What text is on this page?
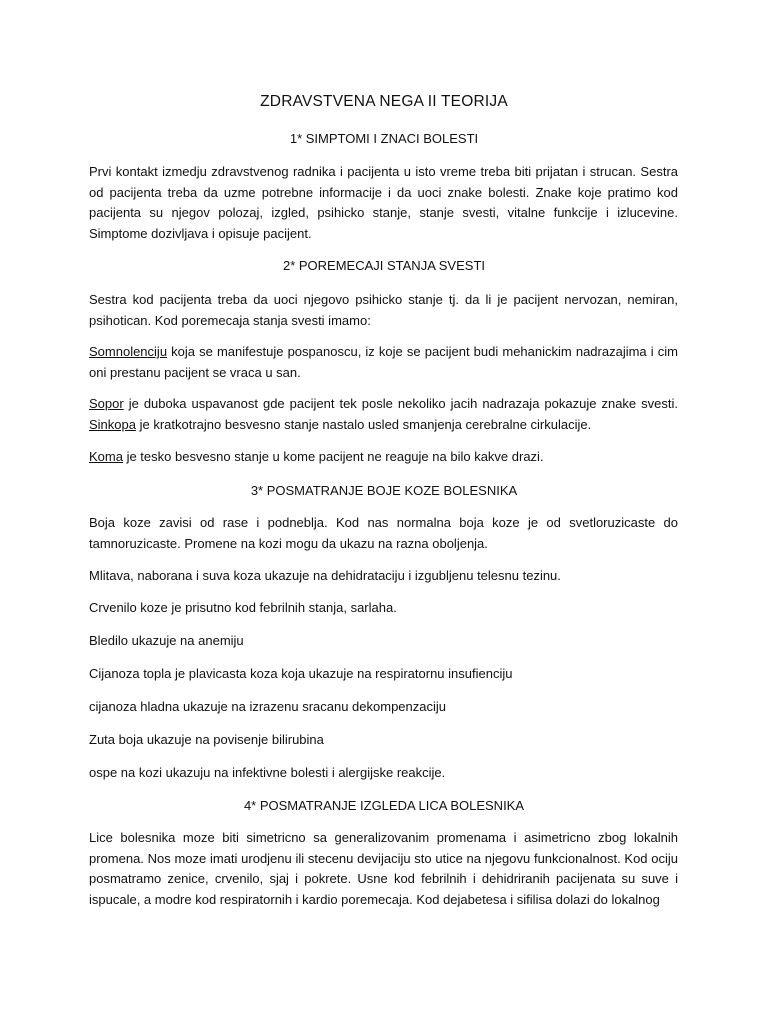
ZDRAVSTVENA NEGA II TEORIJA
1* SIMPTOMI I ZNACI BOLESTI

Prvi kontakt izmedju zdravstvenog radnika i pacijenta u isto vreme treba biti prijatan i strucan. Sestra od pacijenta treba da uzme potrebne informacije i da uoci znake bolesti. Znake koje pratimo kod pacijenta su njegov polozaj, izgled, psihicko stanje, stanje svesti, vitalne funkcije i izlucevine. Simptome dozivljava i opisuje pacijent.

2* POREMECAJI STANJA SVESTI

Sestra kod pacijenta treba da uoci njegovo psihicko stanje tj. da li je pacijent nervozan, nemiran, psihotican. Kod poremecaja stanja svesti imamo:

Somnolenciju koja se manifestuje pospanoscu, iz koje se pacijent budi mehanickim nadrazajima i cim oni prestanu pacijent se vraca u san.

Sopor je duboka uspavanost gde pacijent tek posle nekoliko jacih nadrazaja pokazuje znake svesti. Sinkopa je kratkotrajno besvesno stanje nastalo usled smanjenja cerebralne cirkulacije.

Koma je tesko besvesno stanje u kome pacijent ne reaguje na bilo kakve drazi.

3* POSMATRANJE BOJE KOZE BOLESNIKA

Boja koze zavisi od rase i podneblja. Kod nas normalna boja koze je od svetloruzicaste do tamnoruzicaste. Promene na kozi mogu da ukazu na razna oboljenja.

Mlitava, naborana i suva koza ukazuje na dehidrataciju i izgubljenu telesnu tezinu.

Crvenilo koze je prisutno kod febrilnih stanja, sarlaha.

Bledilo ukazuje na anemiju

Cijanoza topla je plavicasta koza koja ukazuje na respiratornu insufienciju

cijanoza hladna ukazuje na izrazenu sracanu dekompenzaciju

Zuta boja ukazuje na povisenje bilirubina

ospe na kozi ukazuju na infektivne bolesti i alergijske reakcije.

4* POSMATRANJE IZGLEDA LICA BOLESNIKA

Lice bolesnika moze biti simetricno sa generalizovanim promenama i asimetricno zbog lokalnih promena. Nos moze imati urodjenu ili stecenu devijaciju sto utice na njegovu funkcionalnost. Kod ociju posmatramo zenice, crvenilo, sjaj i pokrete. Usne kod febrilnih i dehidriranih pacijenata su suve i ispucale, a modre kod respiratornih i kardio poremecaja. Kod dejabetesa i sifilisa dolazi do lokalnog
